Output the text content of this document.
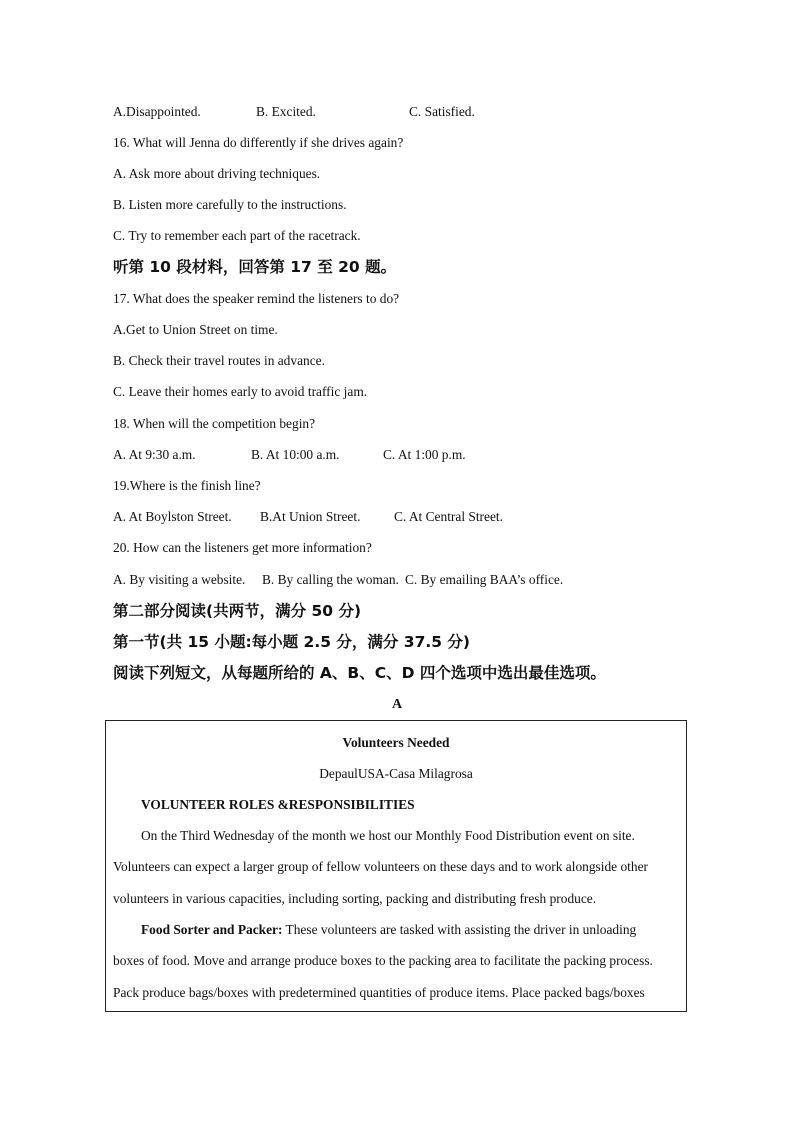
A.Disappointed.	B. Excited.	C. Satisfied.
16. What will Jenna do differently if she drives again?
A. Ask more about driving techniques.
B. Listen more carefully to the instructions.
C. Try to remember each part of the racetrack.
听第 10 段材料，回答第 17 至 20 题。
17. What does the speaker remind the listeners to do?
A.Get to Union Street on time.
B. Check their travel routes in advance.
C. Leave their homes early to avoid traffic jam.
18. When will the competition begin?
A. At 9:30 a.m.	B. At 10:00 a.m.	C. At 1:00 p.m.
19.Where is the finish line?
A. At Boylston Street. B.At Union Street.	C. At Central Street.
20. How can the listeners get more information?
A. By visiting a website. B. By calling the woman. C. By emailing BAA’s office.
第二部分阅读(共两节，满分 50 分)
第一节(共 15 小题:每小题 2.5 分，满分 37.5 分)
阅读下列短文，从每题所给的 A、B、C、D 四个选项中选出最佳选项。
A
Volunteers Needed
DepaulUSA-Casa Milagrosa
VOLUNTEER ROLES &RESPONSIBILITIES
On the Third Wednesday of the month we host our Monthly Food Distribution event on site.
Volunteers can expect a larger group of fellow volunteers on these days and to work alongside other
volunteers in various capacities, including sorting, packing and distributing fresh produce.
Food Sorter and Packer: These volunteers are tasked with assisting the driver in unloading
boxes of food. Move and arrange produce boxes to the packing area to facilitate the packing process.
Pack produce bags/boxes with predetermined quantities of produce items. Place packed bags/boxes
